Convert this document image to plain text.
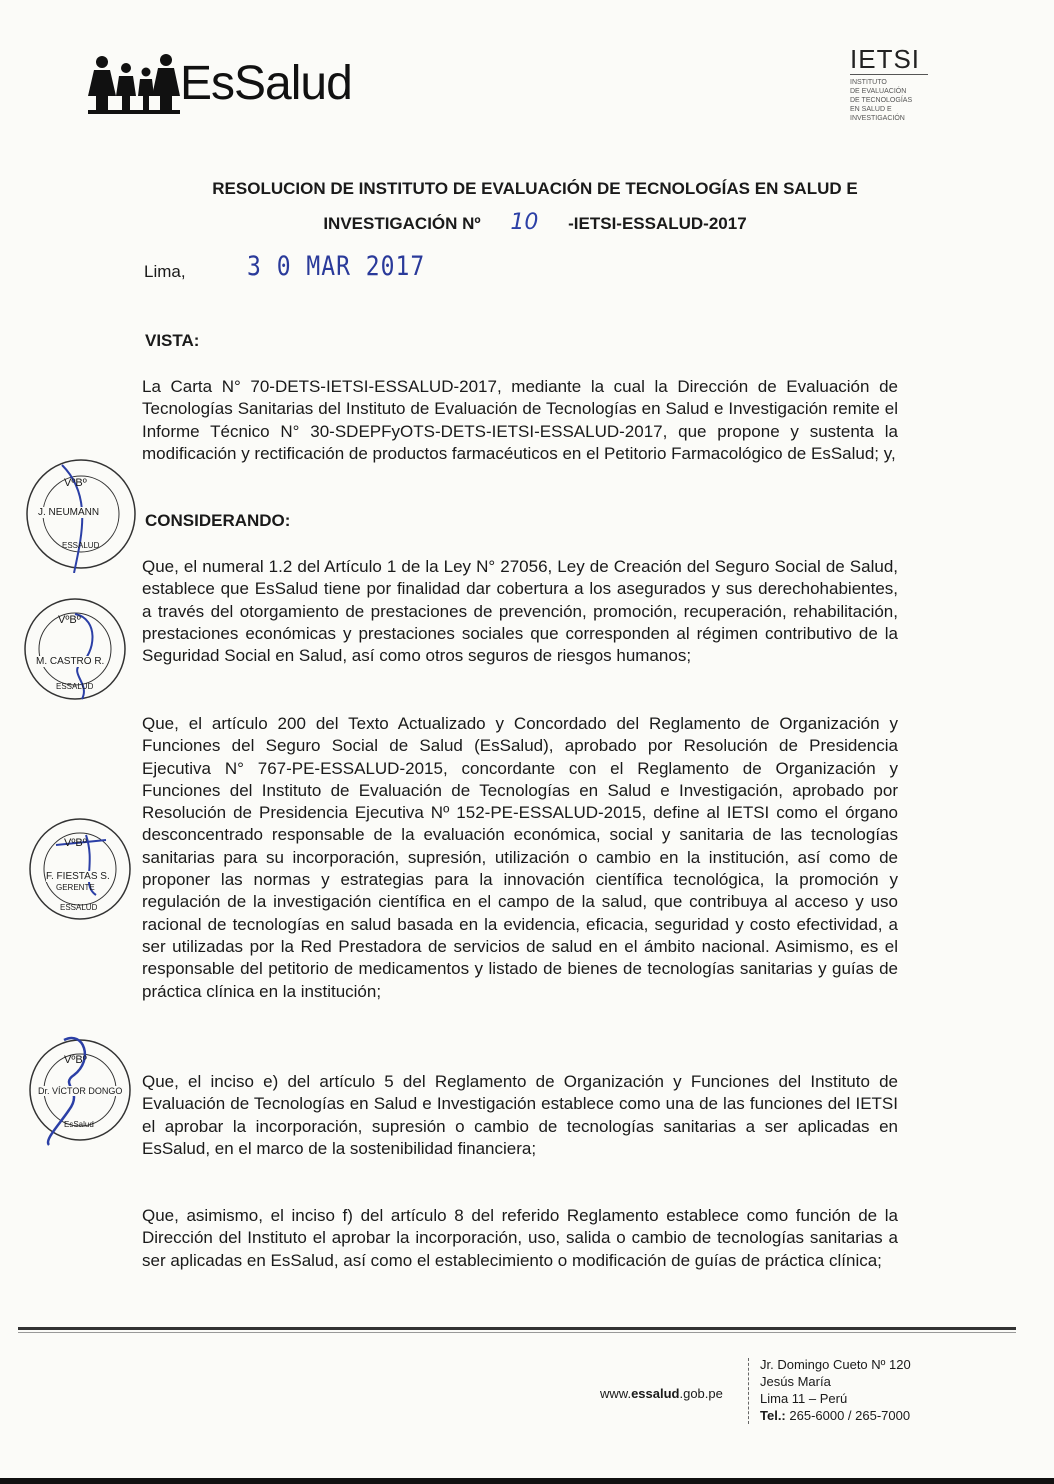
EsSalud	IETSI
INSTITUTO
DE EVALUACIÓN
DE TECNOLOGÍAS
EN SALUD E
INVESTIGACIÓN
RESOLUCION DE INSTITUTO DE EVALUACIÓN DE TECNOLOGÍAS EN SALUD E
INVESTIGACIÓN Nº 10 -IETSI-ESSALUD-2017
Lima,	3 0 MAR 2017
VISTA:
La Carta N° 70-DETS-IETSI-ESSALUD-2017, mediante la cual la Dirección de Evaluación de Tecnologías Sanitarias del Instituto de Evaluación de Tecnologías en Salud e Investigación remite el Informe Técnico N° 30-SDEPFyOTS-DETS-IETSI-ESSALUD-2017, que propone y sustenta la modificación y rectificación de productos farmacéuticos en el Petitorio Farmacológico de EsSalud; y,
CONSIDERANDO:
Que, el numeral 1.2 del Artículo 1 de la Ley N° 27056, Ley de Creación del Seguro Social de Salud, establece que EsSalud tiene por finalidad dar cobertura a los asegurados y sus derechohabientes, a través del otorgamiento de prestaciones de prevención, promoción, recuperación, rehabilitación, prestaciones económicas y prestaciones sociales que corresponden al régimen contributivo de la Seguridad Social en Salud, así como otros seguros de riesgos humanos;
Que, el artículo 200 del Texto Actualizado y Concordado del Reglamento de Organización y Funciones del Seguro Social de Salud (EsSalud), aprobado por Resolución de Presidencia Ejecutiva N° 767-PE-ESSALUD-2015, concordante con el Reglamento de Organización y Funciones del Instituto de Evaluación de Tecnologías en Salud e Investigación, aprobado por Resolución de Presidencia Ejecutiva Nº 152-PE-ESSALUD-2015, define al IETSI como el órgano desconcentrado responsable de la evaluación económica, social y sanitaria de las tecnologías sanitarias para su incorporación, supresión, utilización o cambio en la institución, así como de proponer las normas y estrategias para la innovación científica tecnológica, la promoción y regulación de la investigación científica en el campo de la salud, que contribuya al acceso y uso racional de tecnologías en salud basada en la evidencia, eficacia, seguridad y costo efectividad, a ser utilizadas por la Red Prestadora de servicios de salud en el ámbito nacional. Asimismo, es el responsable del petitorio de medicamentos y listado de bienes de tecnologías sanitarias y guías de práctica clínica en la institución;
Que, el inciso e) del artículo 5 del Reglamento de Organización y Funciones del Instituto de Evaluación de Tecnologías en Salud e Investigación establece como una de las funciones del IETSI el aprobar la incorporación, supresión o cambio de tecnologías sanitarias a ser aplicadas en EsSalud, en el marco de la sostenibilidad financiera;
Que, asimismo, el inciso f) del artículo 8 del referido Reglamento establece como función de la Dirección del Instituto el aprobar la incorporación, uso, salida o cambio de tecnologías sanitarias a ser aplicadas en EsSalud, así como el establecimiento o modificación de guías de práctica clínica;
VºBº
J. NEUMANN
ESSALUD
VºBº
M. CASTRO R.
ESSALUD
VºBº
F. FIESTAS S.
GERENTE
ESSALUD
VºBº
Dr. VÍCTOR DONGO
EsSalud
www.essalud.gob.pe
Jr. Domingo Cueto Nº 120
Jesús María
Lima 11 – Perú
Tel.: 265-6000 / 265-7000
